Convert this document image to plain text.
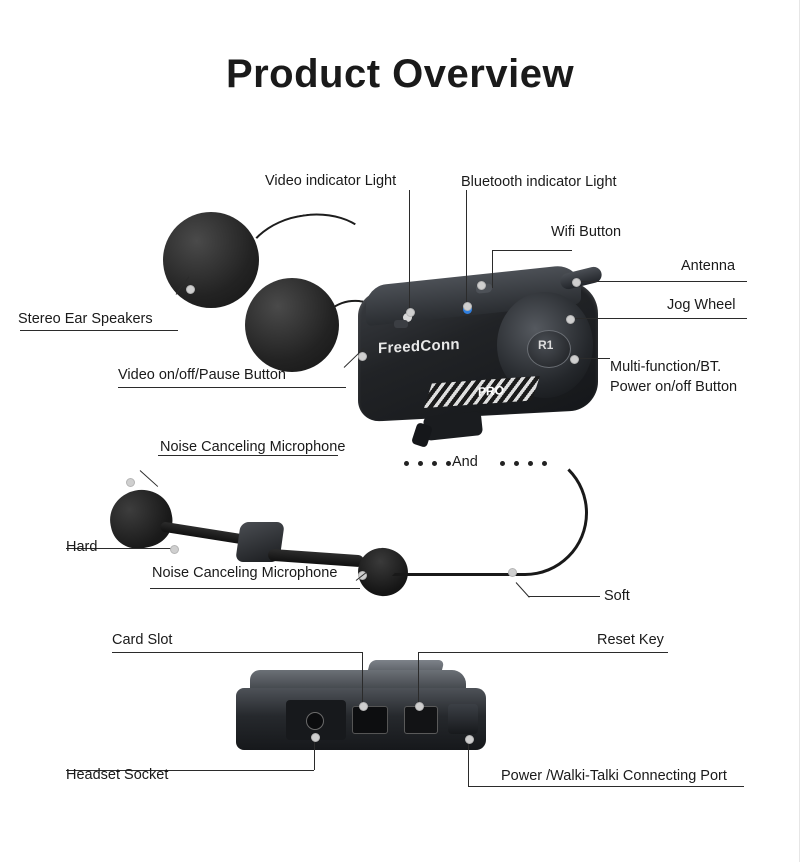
Product Overview
R1
FreedConn
PRO
Video indicator Light	Bluetooth indicator Light
Wifi Button
Antenna
Jog Wheel
Multi-function/BT.
Power on/off Button
Stereo Ear Speakers
Video on/off/Pause Button
Noise Canceling Microphone
Hard
And
Noise Canceling Microphone
Soft
Card Slot	Reset Key
Headset Socket	Power /Walki-Talki Connecting Port
